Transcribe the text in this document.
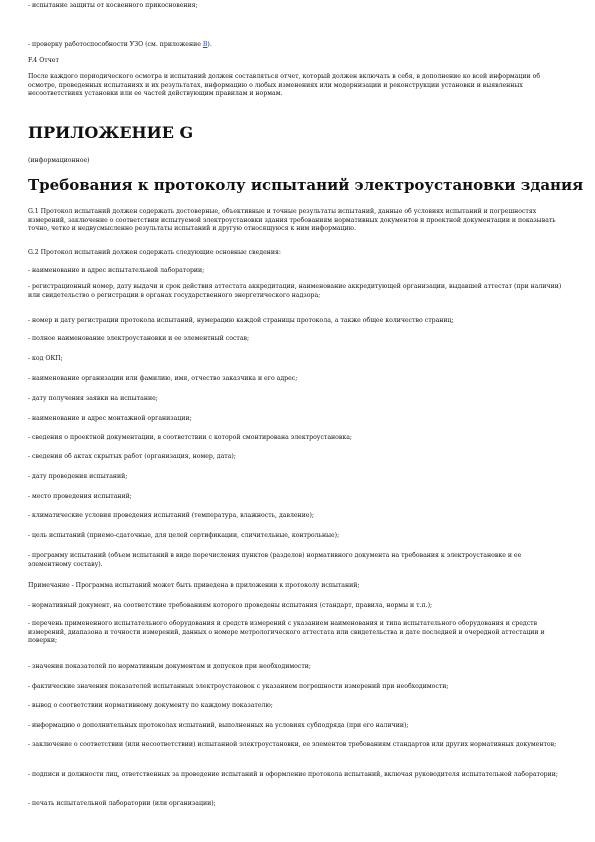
- испытание защиты от косвенного прикосновения;

- проверку работоспособности УЗО (см. приложение В).

F.4 Отчет

После каждого периодического осмотра и испытаний должен составляться отчет, который должен включать в себя, в дополнение ко всей информации об осмотре, проведенных испытаниях и их результатах, информацию о любых изменениях или модернизации и реконструкции установки и выявленных несоответствиях установки или ее частей действующим правилам и нормам.

ПРИЛОЖЕНИЕ G

(информационное)

Требования к протоколу испытаний электроустановки здания

G.1 Протокол испытаний должен содержать достоверные, объективные и точные результаты испытаний, данные об условиях испытаний и погрешностях измерений, заключение о соответствии испытуемой электроустановки здания требованиям нормативных документов и проектной документации и показывать точно, четко и недвусмысленно результаты испытаний и другую относящуюся к ним информацию.

G.2 Протокол испытаний должен содержать следующие основные сведения:

- наименование и адрес испытательной лаборатории;

- регистрационный номер, дату выдачи и срок действия аттестата аккредитации, наименование аккредитующей организации, выдавшей аттестат (при наличии) или свидетельство о регистрации в органах государственного энергетического надзора;

- номер и дату регистрации протокола испытаний, нумерацию каждой страницы протокола, а также общее количество страниц;

- полное наименование электроустановки и ее элементный состав;

- код ОКП;

- наименование организации или фамилию, имя, отчество заказчика и его адрес;

- дату получения заявки на испытание;

- наименование и адрес монтажной организации;

- сведения о проектной документации, в соответствии с которой смонтирована электроустановка;

- сведения об актах скрытых работ (организация, номер, дата);

- дату проведения испытаний;

- место проведения испытаний;

- климатические условия проведения испытаний (температура, влажность, давление);

- цель испытаний (приемо-сдаточные, для целей сертификации, сличительные, контрольные);

- программу испытаний (объем испытаний в виде перечисления пунктов (разделов) нормативного документа на требования к электроустановке и ее элементному составу).

Примечание - Программа испытаний может быть приведена в приложении к протоколу испытаний;

- нормативный документ, на соответствие требованиям которого проведены испытания (стандарт, правила, нормы и т.п.);

- перечень примененного испытательного оборудования и средств измерений с указанием наименования и типа испытательного оборудования и средств измерений, диапазона и точности измерений, данных о номере метрологического аттестата или свидетельства и дате последней и очередной аттестации и поверки;

- значения показателей по нормативным документам и допусков при необходимости;

- фактические значения показателей испытанных электроустановок с указанием погрешности измерений при необходимости;

- вывод о соответствии нормативному документу по каждому показателю;

- информацию о дополнительных протоколах испытаний, выполненных на условиях субподряда (при его наличии);

- заключение о соответствии (или несоответствии) испытанной электроустановки, ее элементов требованиям стандартов или других нормативных документов;

- подписи и должности лиц, ответственных за проведение испытаний и оформление протокола испытаний, включая руководителя испытательной лаборатории;

- печать испытательной лаборатории (или организации);
